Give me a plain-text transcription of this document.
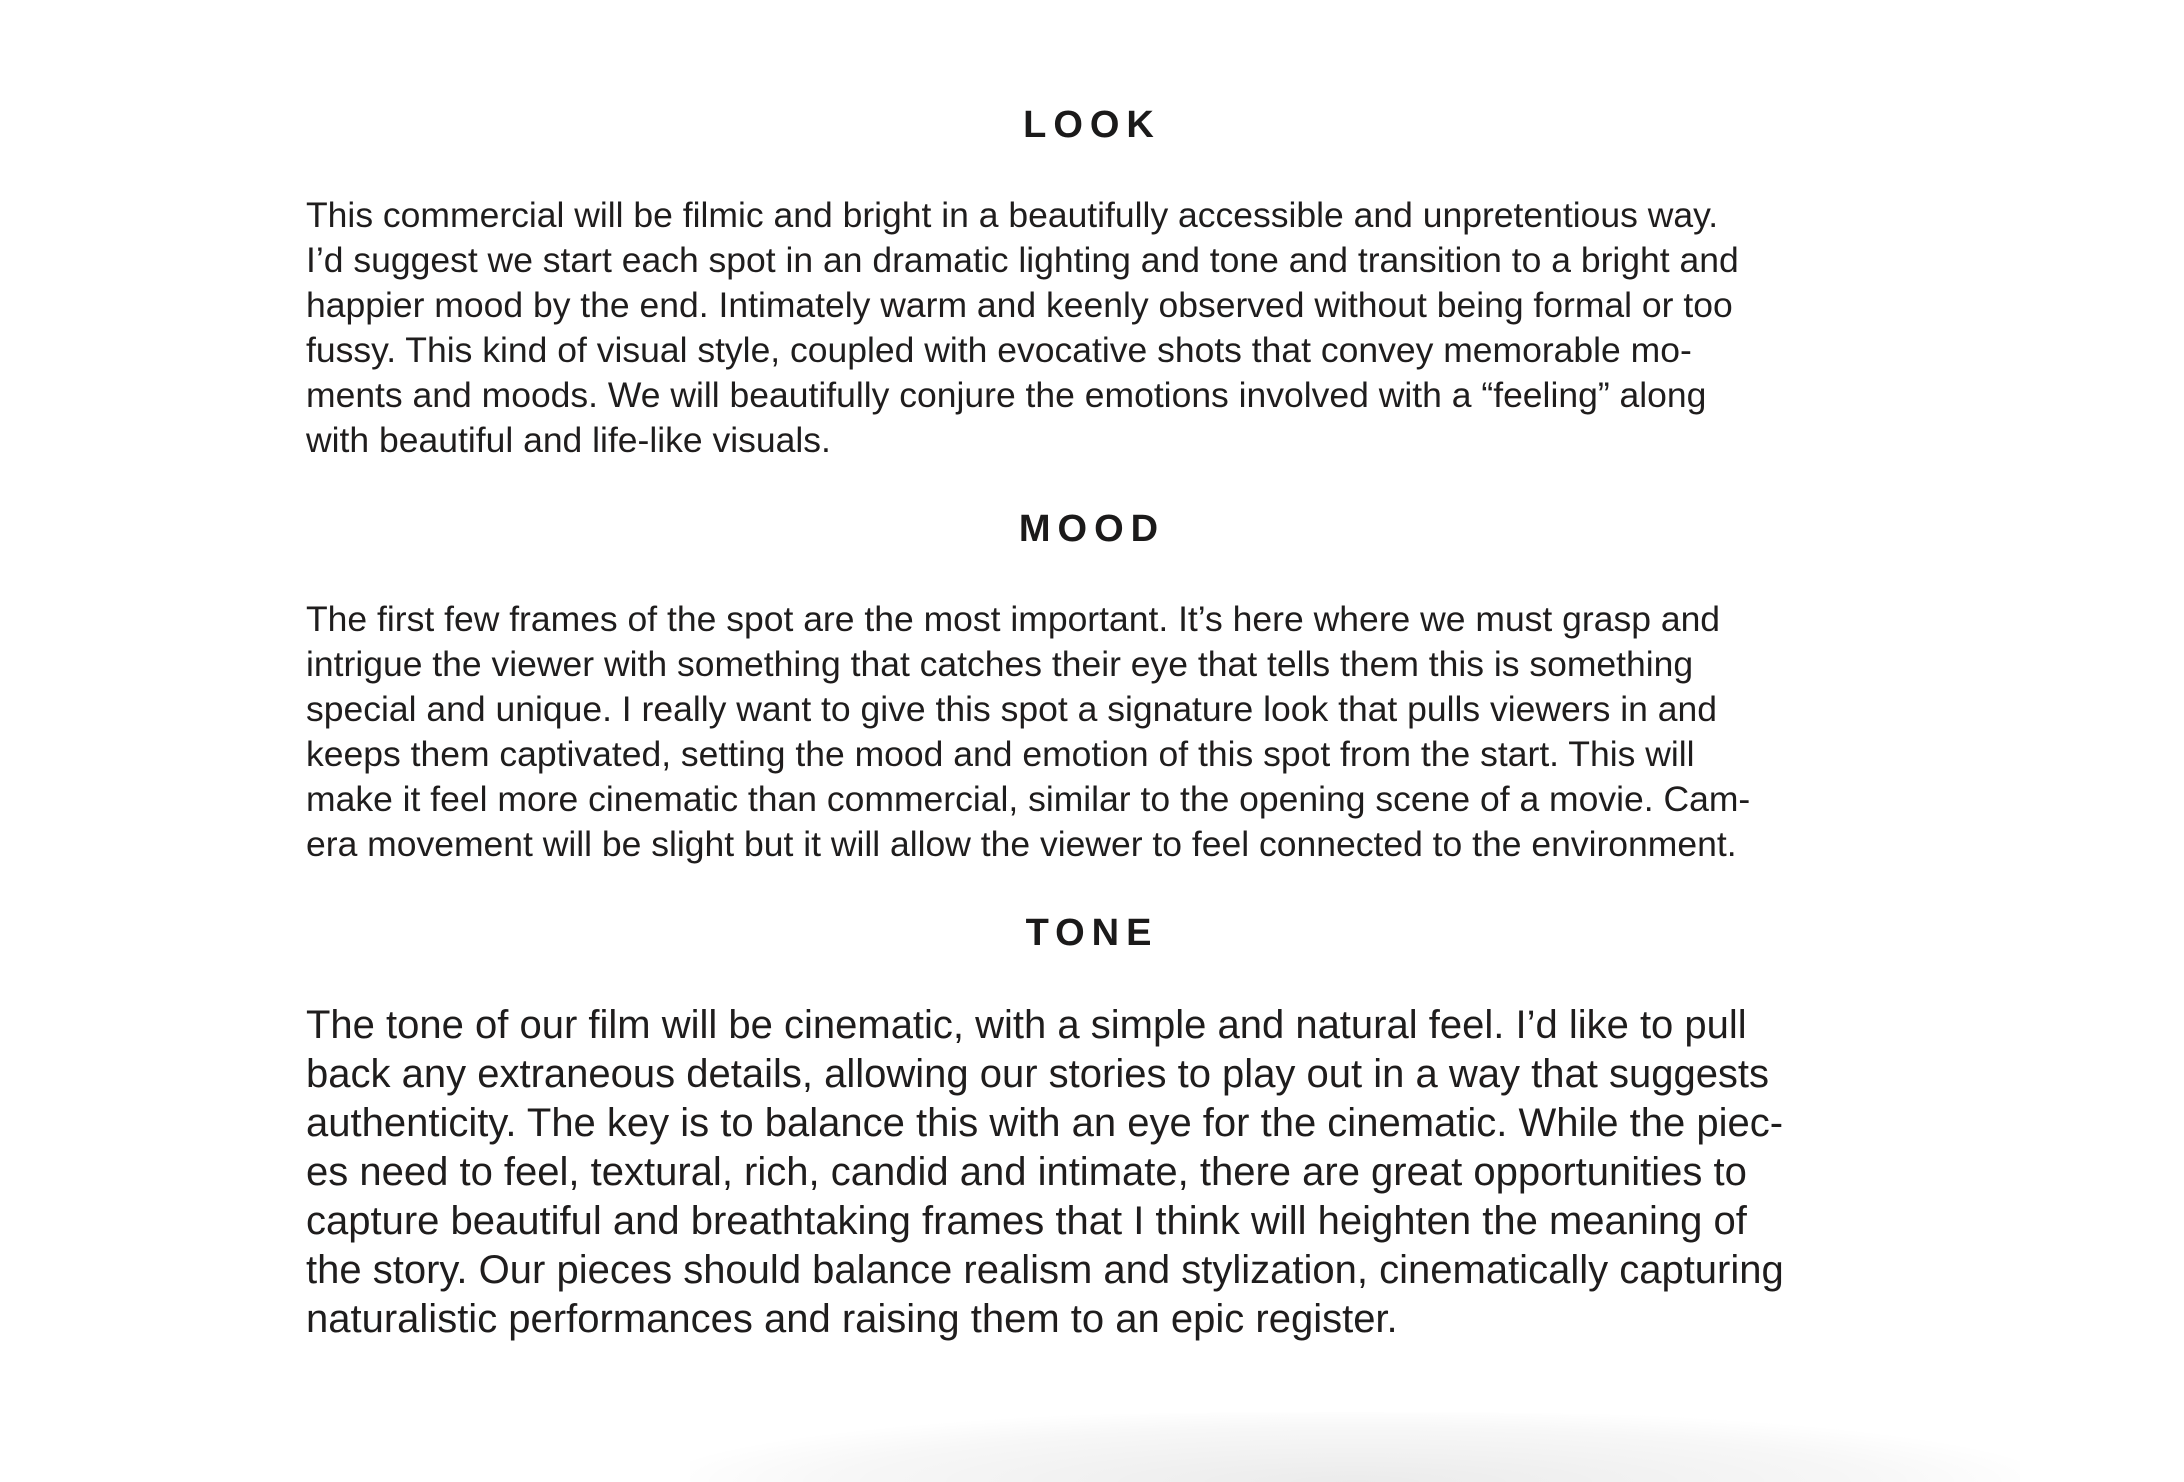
LOOK

This commercial will be filmic and bright in a beautifully accessible and unpretentious way.
I’d suggest we start each spot in an dramatic lighting and tone and transition to a bright and
happier mood by the end. Intimately warm and keenly observed without being formal or too
fussy. This kind of visual style, coupled with evocative shots that convey memorable mo-
ments and moods. We will beautifully conjure the emotions involved with a “feeling” along
with beautiful and life-like visuals.

MOOD

The first few frames of the spot are the most important. It’s here where we must grasp and
intrigue the viewer with something that catches their eye that tells them this is something
special and unique. I really want to give this spot a signature look that pulls viewers in and
keeps them captivated, setting the mood and emotion of this spot from the start. This will
make it feel more cinematic than commercial, similar to the opening scene of a movie. Cam-
era movement will be slight but it will allow the viewer to feel connected to the environment.

TONE

The tone of our film will be cinematic, with a simple and natural feel. I’d like to pull
back any extraneous details, allowing our stories to play out in a way that suggests
authenticity. The key is to balance this with an eye for the cinematic. While the piec-
es need to feel, textural, rich, candid and intimate, there are great opportunities to
capture beautiful and breathtaking frames that I think will heighten the meaning of
the story. Our pieces should balance realism and stylization, cinematically capturing
naturalistic performances and raising them to an epic register.
